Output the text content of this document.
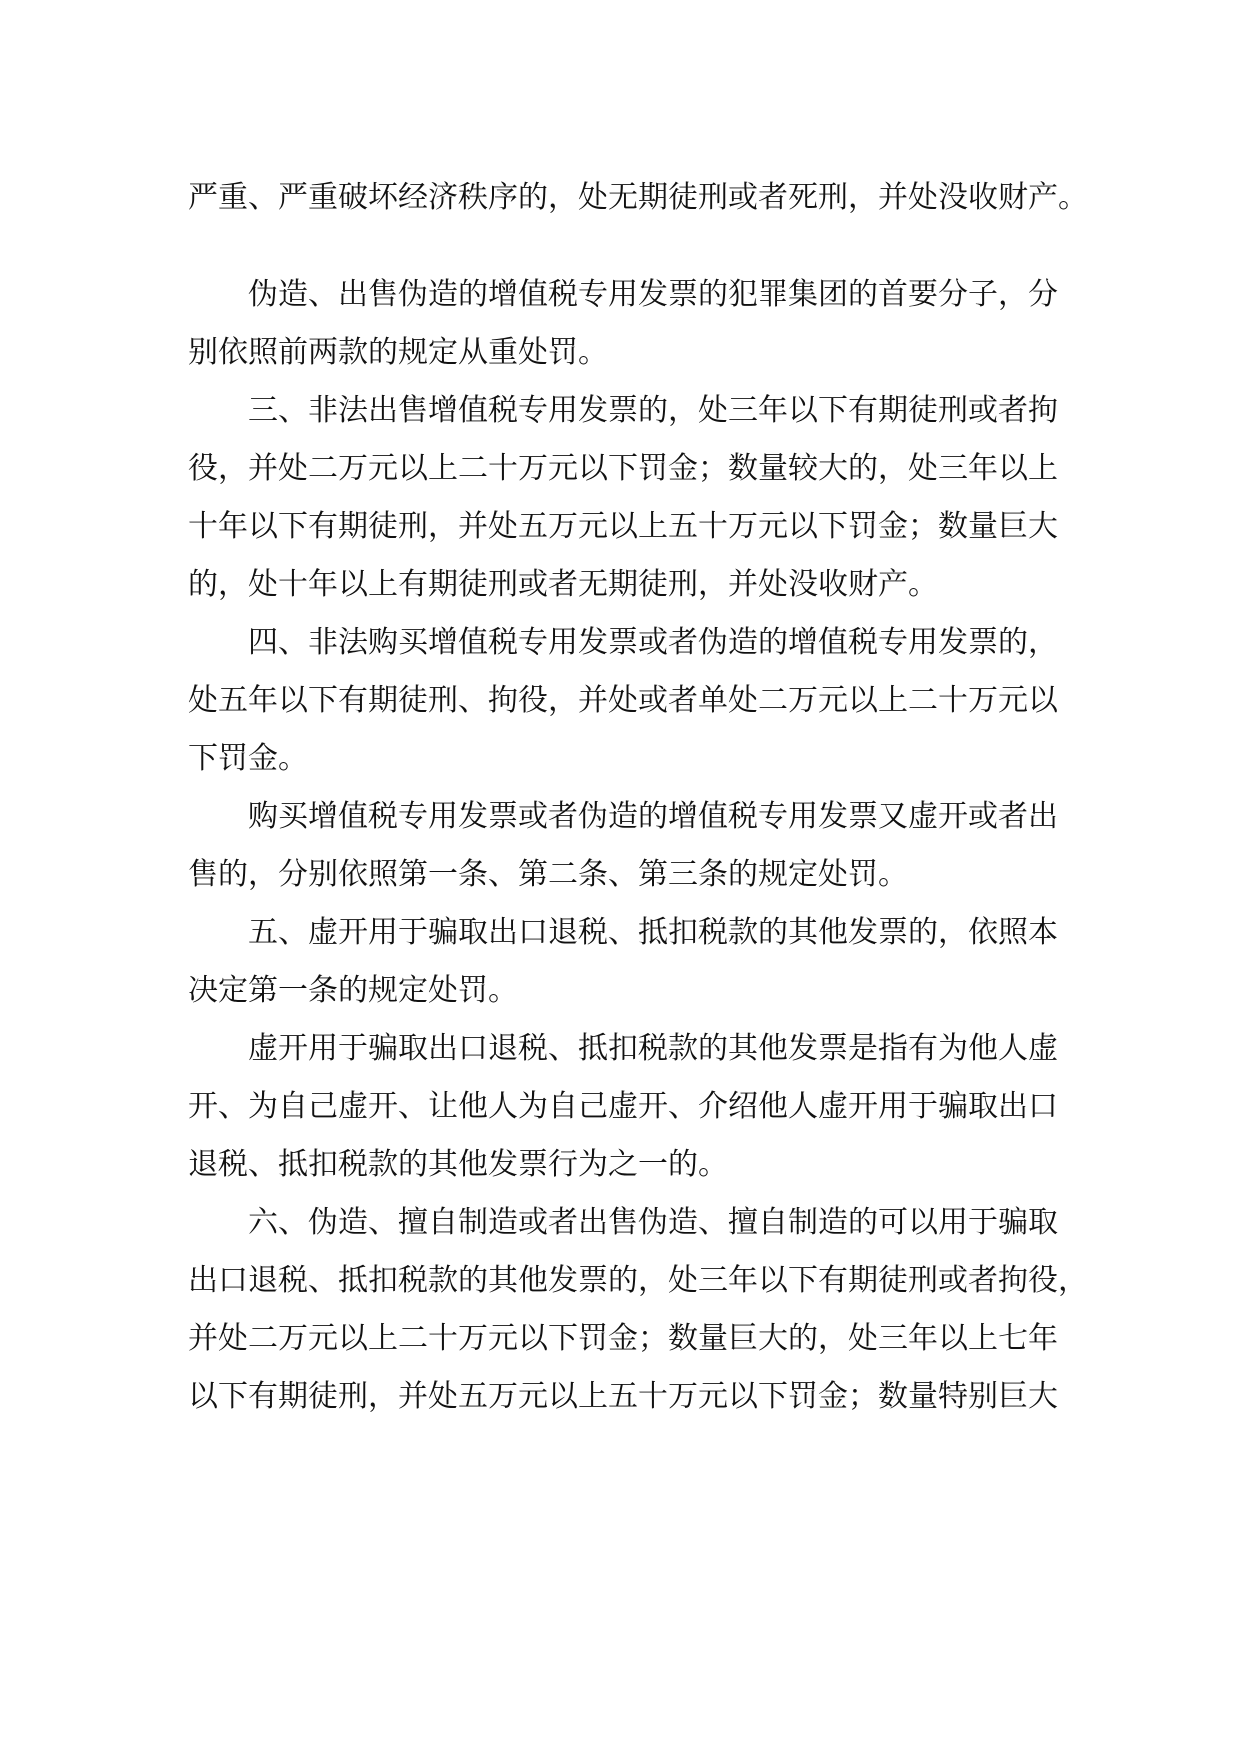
严重、严重破坏经济秩序的，处无期徒刑或者死刑，并处没收财产。
伪造、出售伪造的增值税专用发票的犯罪集团的首要分子，分
别依照前两款的规定从重处罚。
三、非法出售增值税专用发票的，处三年以下有期徒刑或者拘
役，并处二万元以上二十万元以下罚金；数量较大的，处三年以上
十年以下有期徒刑，并处五万元以上五十万元以下罚金；数量巨大
的，处十年以上有期徒刑或者无期徒刑，并处没收财产。
四、非法购买增值税专用发票或者伪造的增值税专用发票的，
处五年以下有期徒刑、拘役，并处或者单处二万元以上二十万元以
下罚金。
购买增值税专用发票或者伪造的增值税专用发票又虚开或者出
售的，分别依照第一条、第二条、第三条的规定处罚。
五、虚开用于骗取出口退税、抵扣税款的其他发票的，依照本
决定第一条的规定处罚。
虚开用于骗取出口退税、抵扣税款的其他发票是指有为他人虚
开、为自己虚开、让他人为自己虚开、介绍他人虚开用于骗取出口
退税、抵扣税款的其他发票行为之一的。
六、伪造、擅自制造或者出售伪造、擅自制造的可以用于骗取
出口退税、抵扣税款的其他发票的，处三年以下有期徒刑或者拘役，
并处二万元以上二十万元以下罚金；数量巨大的，处三年以上七年
以下有期徒刑，并处五万元以上五十万元以下罚金；数量特别巨大
